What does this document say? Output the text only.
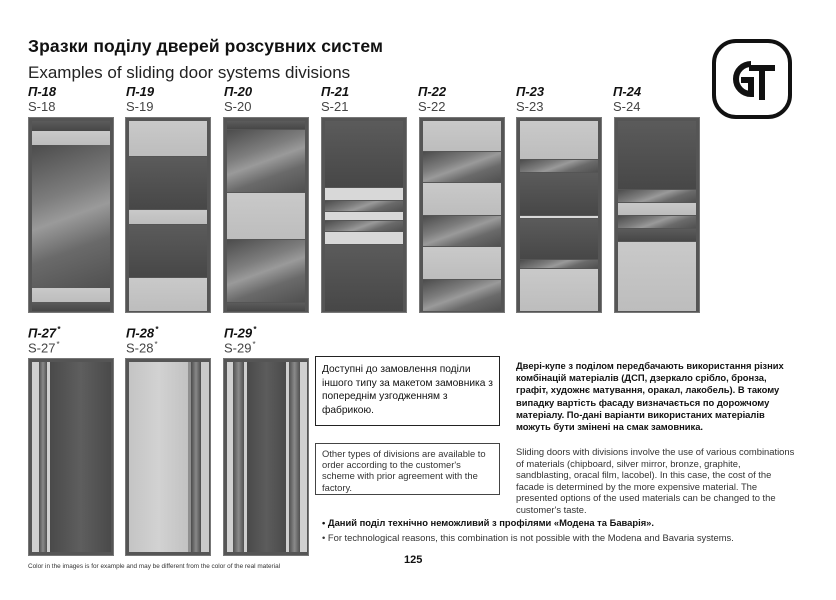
Зразки поділу дверей розсувних систем
Examples of sliding door systems divisions
П-18
S-18
П-19
S-19
П-20
S-20
П-21
S-21
П-22
S-22
П-23
S-23
П-24
S-24
П-27*
S-27*
П-28*
S-28*
П-29*
S-29*
Доступні до замовлення поділи іншого типу за макетом замовника з попереднім узгодженням з фабрикою.
Other types of divisions are available to order according to the customer's scheme with prior agreement with the factory.
Двері-купе з поділом передбачають використання різних комбінацій матеріалів (ДСП, дзеркало срібло, бронза, графіт, художнє матування, оракал, лакобель). В такому випадку вартість фасаду визначається по дорожчому матеріалу. По-дані варіанти використаних матеріалів можуть бути змінені на смак замовника.
Sliding doors with divisions involve the use of various combinations of materials (chipboard, silver mirror, bronze, graphite, sandblasting, oracal film, lacobel). In this case, the cost of the facade is determined by the more expensive material. The presented options of the used materials can be changed to the customer's taste.
• Даний поділ технічно неможливий з профілями «Модена та Баварія».
• For technological reasons, this combination is not possible with the Modena and Bavaria systems.
125
Color in the images is for example and may be different from the color of the real material
